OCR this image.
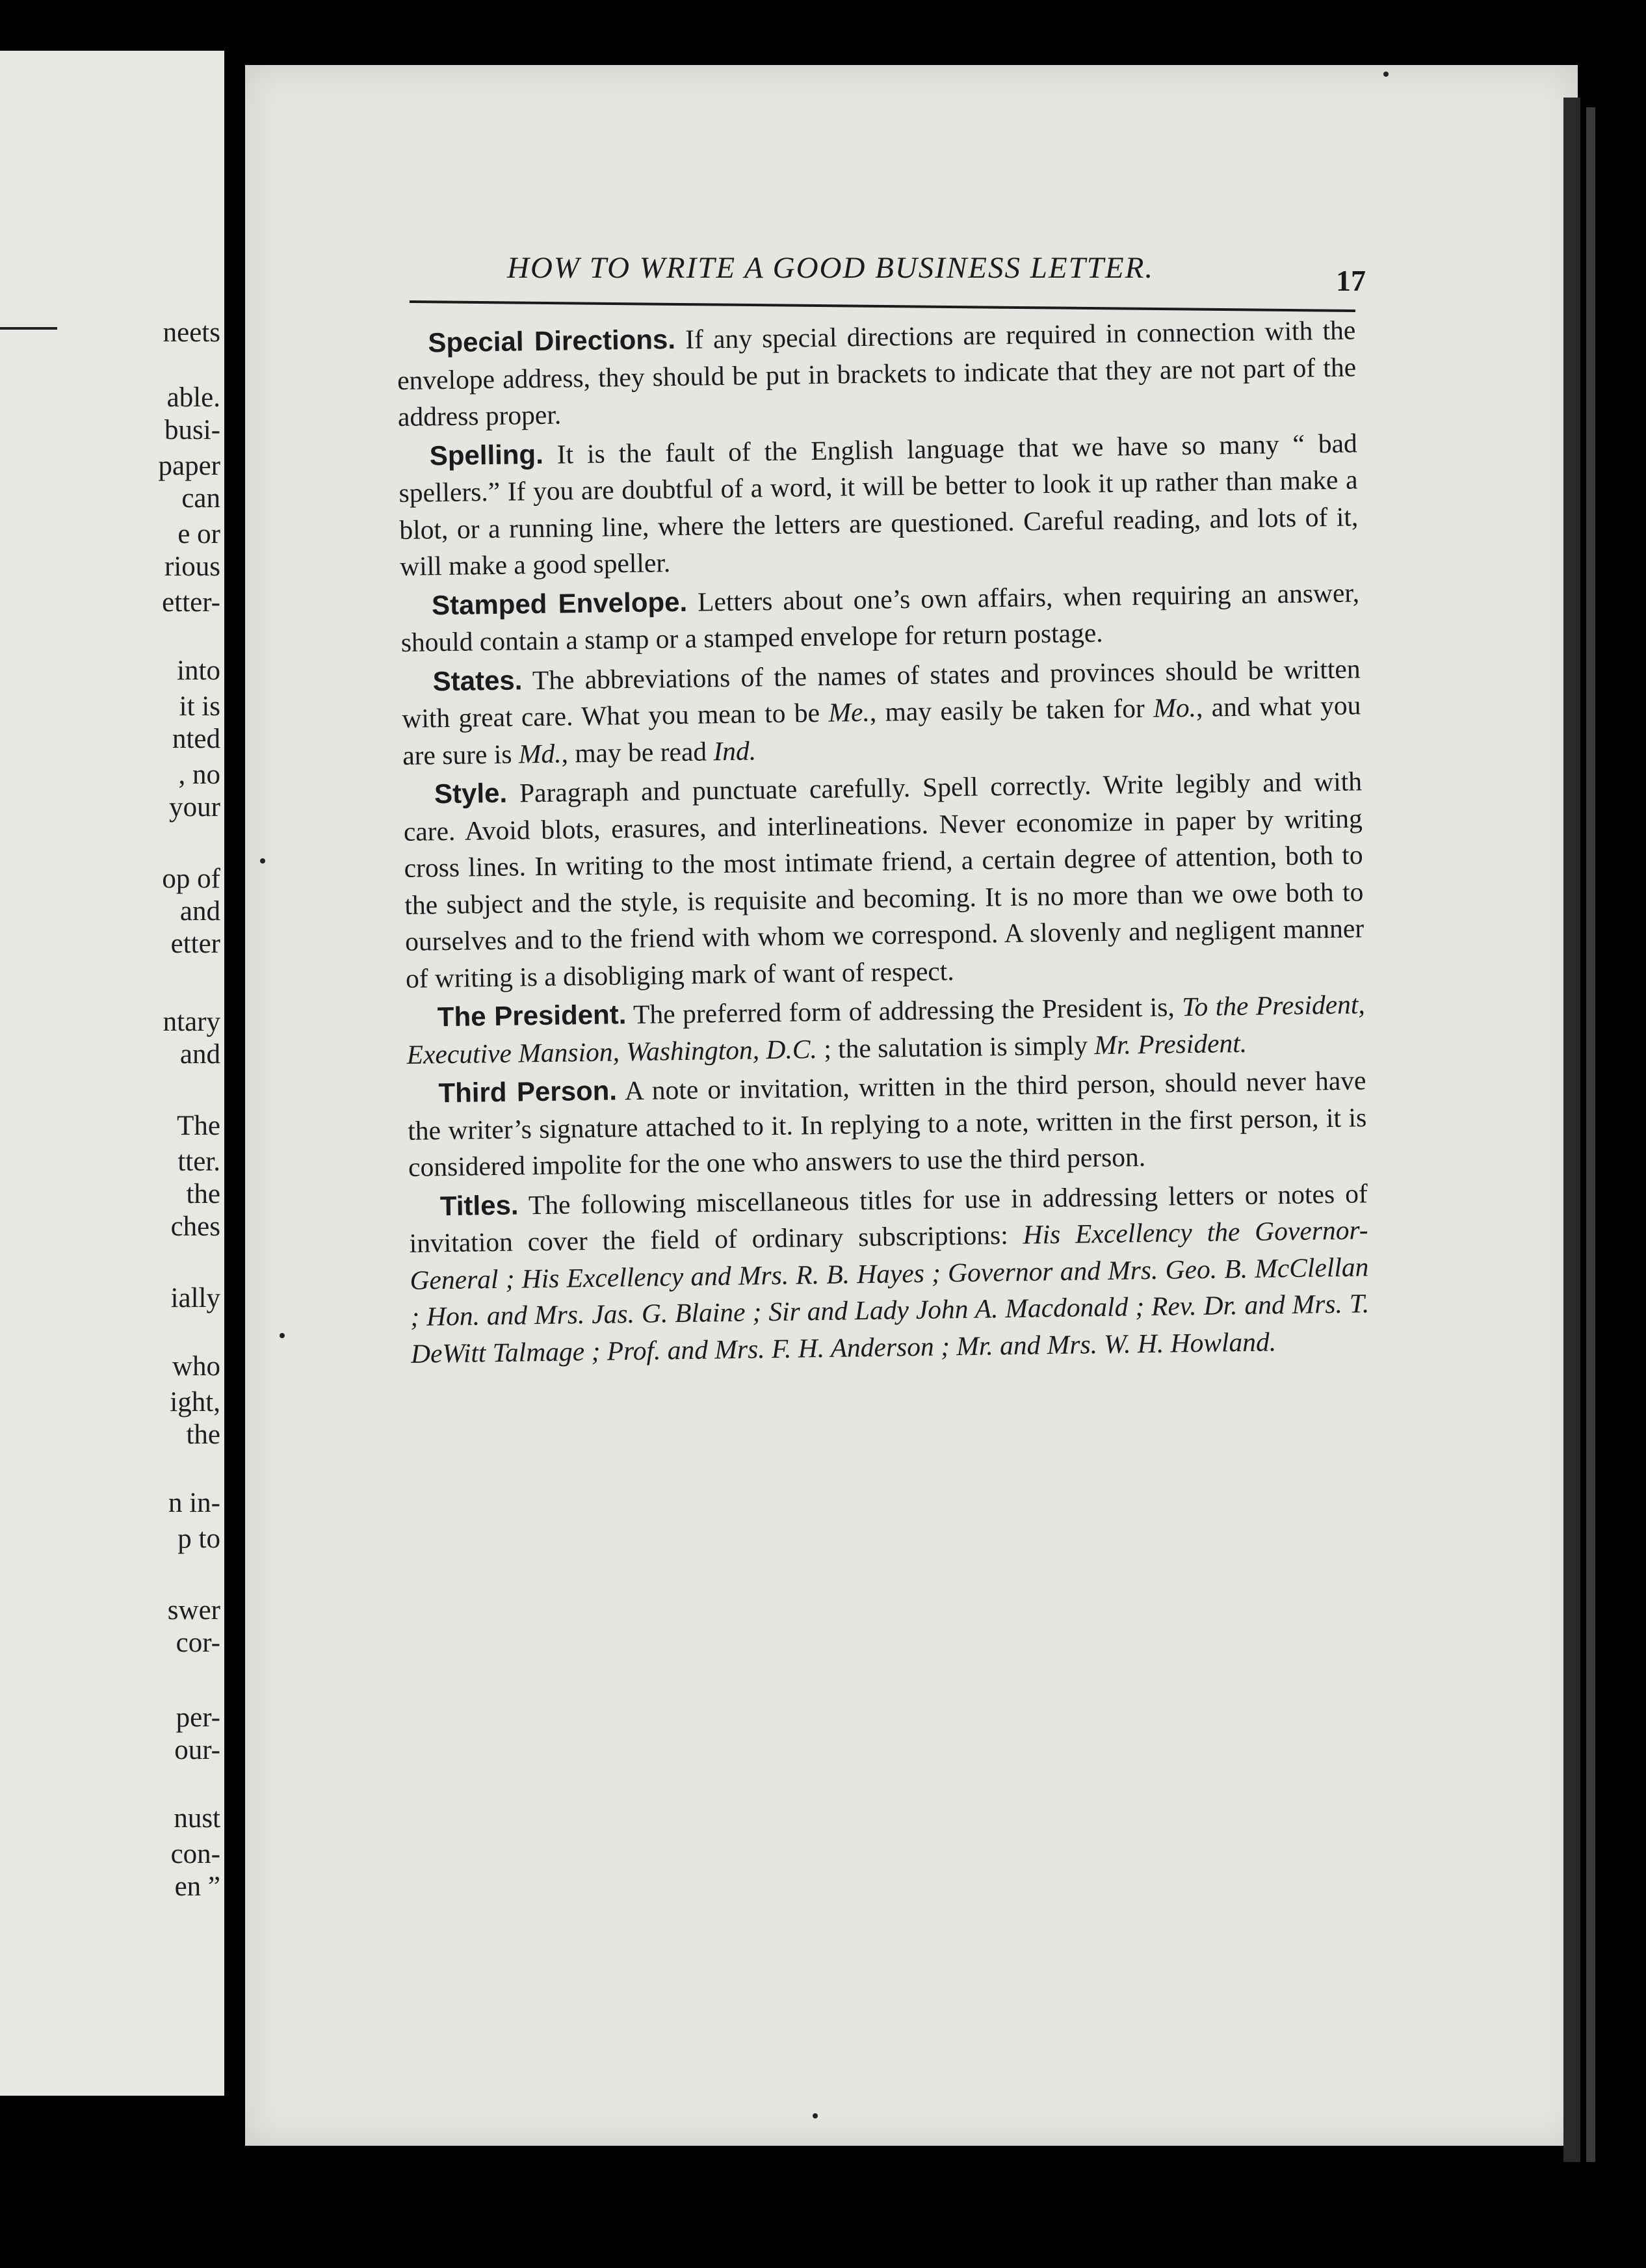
neets
able.
busi-
paper
can
e or
rious
etter-
into
it is
nted
, no
your
op of
and
etter
ntary
and
The
tter.
the
ches
ially
who
ight,
the
n in-
p to
swer
cor-
per-
our-
nust
con-
en ”
HOW TO WRITE A GOOD BUSINESS LETTER.	17

Special Directions. If any special directions are required in connection with the envelope address, they should be put in brackets to indicate that they are not part of the address proper.

Spelling. It is the fault of the English language that we have so many “ bad spellers.” If you are doubtful of a word, it will be better to look it up rather than make a blot, or a running line, where the letters are questioned. Careful reading, and lots of it, will make a good speller.

Stamped Envelope. Letters about one’s own affairs, when requiring an answer, should contain a stamp or a stamped envelope for return postage.

States. The abbreviations of the names of states and provinces should be written with great care. What you mean to be Me., may easily be taken for Mo., and what you are sure is Md., may be read Ind.

Style. Paragraph and punctuate carefully. Spell correctly. Write legibly and with care. Avoid blots, erasures, and interlineations. Never economize in paper by writing cross lines. In writing to the most intimate friend, a certain degree of attention, both to the subject and the style, is requisite and becoming. It is no more than we owe both to ourselves and to the friend with whom we correspond. A slovenly and negligent manner of writing is a disobliging mark of want of respect.

The President. The preferred form of addressing the President is, To the President, Executive Mansion, Washington, D.C. ; the salutation is simply Mr. President.

Third Person. A note or invitation, written in the third person, should never have the writer’s signature attached to it. In replying to a note, written in the first person, it is considered impolite for the one who answers to use the third person.

Titles. The following miscellaneous titles for use in addressing letters or notes of invitation cover the field of ordinary subscriptions: His Excellency the Governor-General ; His Excellency and Mrs. R. B. Hayes ; Governor and Mrs. Geo. B. McClellan ; Hon. and Mrs. Jas. G. Blaine ; Sir and Lady John A. Macdonald ; Rev. Dr. and Mrs. T. DeWitt Talmage ; Prof. and Mrs. F. H. Anderson ; Mr. and Mrs. W. H. Howland.
